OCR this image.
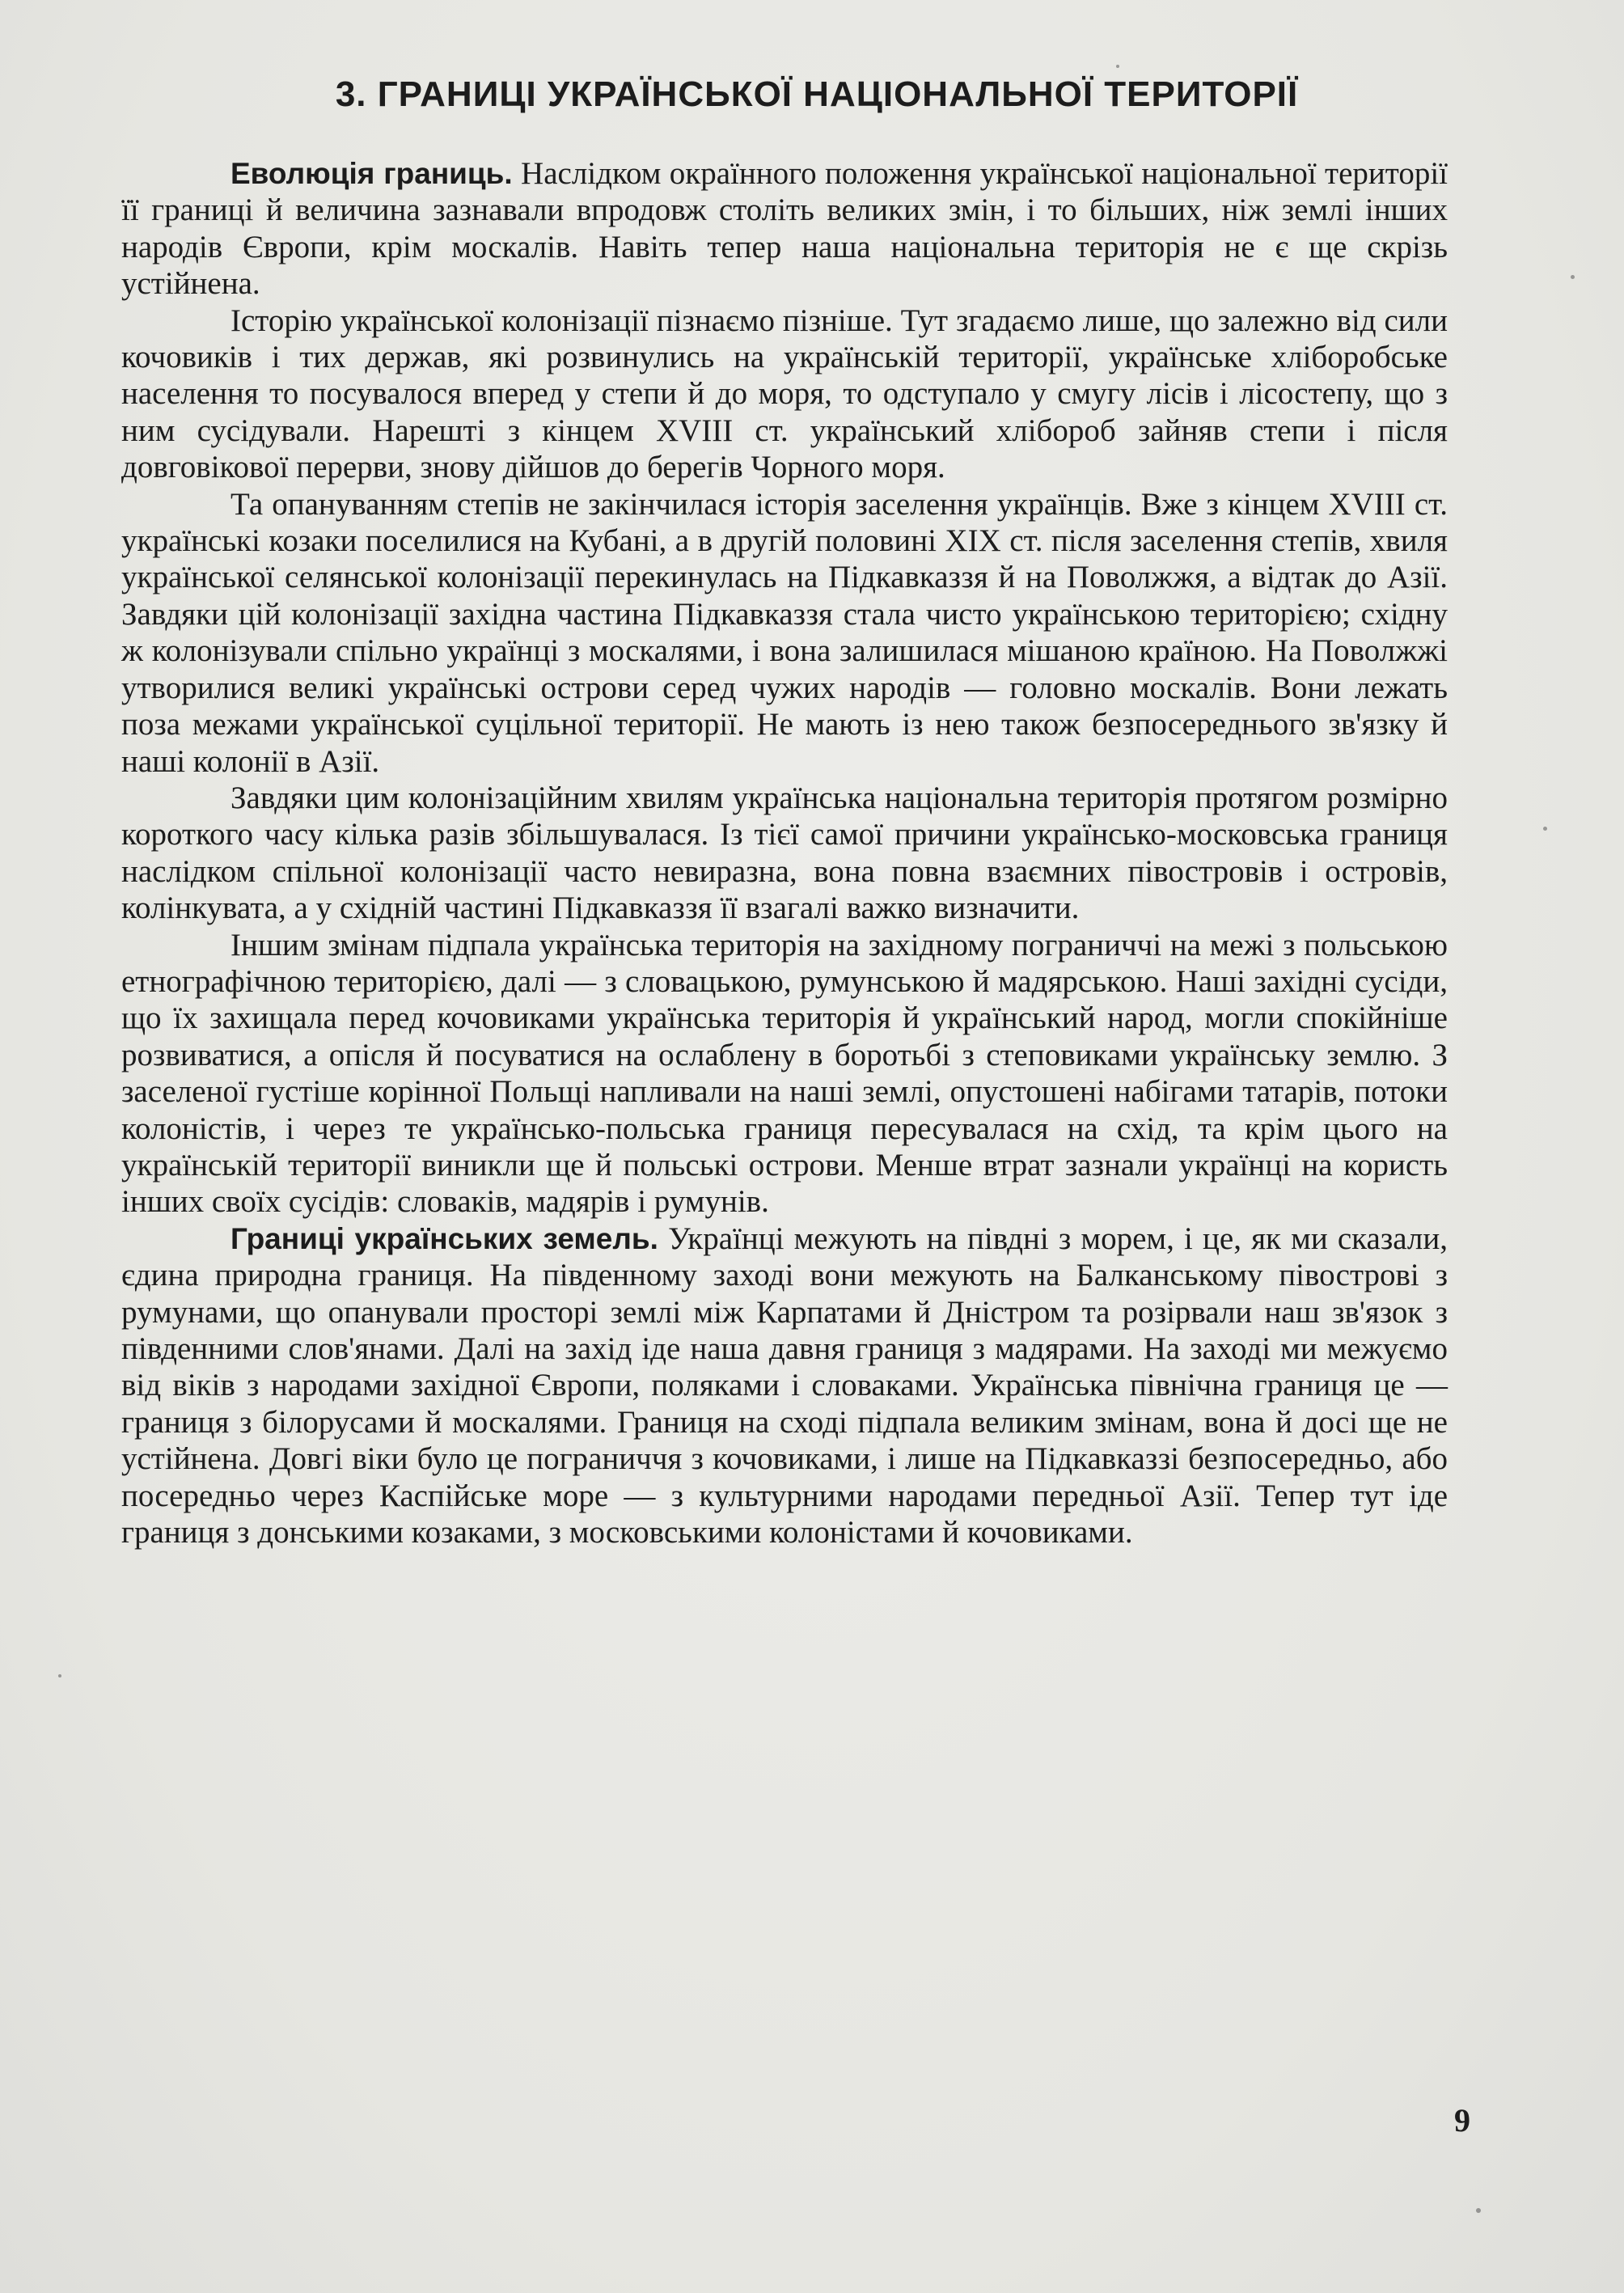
3. ГРАНИЦІ УКРАЇНСЬКОЇ НАЦІОНАЛЬНОЇ ТЕРИТОРІЇ

Еволюція границь. Наслідком окраїнного положення української національної території її границі й величина зазнавали впродовж століть великих змін, і то більших, ніж землі інших народів Європи, крім москалів. Навіть тепер наша національна територія не є ще скрізь устійнена.

Історію української колонізації пізнаємо пізніше. Тут згадаємо лише, що залежно від сили кочовиків і тих держав, які розвинулись на українській території, українське хліборобське населення то посувалося вперед у степи й до моря, то одступало у смугу лісів і лісостепу, що з ним сусідували. Нарешті з кінцем XVIII ст. український хлібороб зайняв степи і після довговікової перерви, знову дійшов до берегів Чорного моря.

Та опануванням степів не закінчилася історія заселення українців. Вже з кінцем XVIII ст. українські козаки поселилися на Кубані, а в другій половині XIX ст. після заселення степів, хвиля української селянської колонізації перекинулась на Підкавказзя й на Поволжжя, а відтак до Азії. Завдяки цій колонізації західна частина Підкавказзя стала чисто українською територією; східну ж колонізували спільно українці з москалями, і вона залишилася мішаною країною. На Поволжжі утворилися великі українські острови серед чужих народів — головно москалів. Вони лежать поза межами української суцільної території. Не мають із нею також безпосереднього зв'язку й наші колонії в Азії.

Завдяки цим колонізаційним хвилям українська національна територія протягом розмірно короткого часу кілька разів збільшувалася. Із тієї самої причини українсько-московська границя наслідком спільної колонізації часто невиразна, вона повна взаємних півостровів і островів, колінкувата, а у східній частині Підкавказзя її взагалі важко визначити.

Іншим змінам підпала українська територія на західному пограниччі на межі з польською етнографічною територією, далі — з словацькою, румунською й мадярською. Наші західні сусіди, що їх захищала перед кочовиками українська територія й український народ, могли спокійніше розвиватися, а опісля й посуватися на ослаблену в боротьбі з степовиками українську землю. З заселеної густіше корінної Польщі напливали на наші землі, опустошені набігами татарів, потоки колоністів, і через те українсько-польська границя пересувалася на схід, та крім цього на українській території виникли ще й польські острови. Менше втрат зазнали українці на користь інших своїх сусідів: словаків, мадярів і румунів.

Границі українських земель. Українці межують на півдні з морем, і це, як ми сказали, єдина природна границя. На південному заході вони межують на Балканському півострові з румунами, що опанували просторі землі між Карпатами й Дністром та розірвали наш зв'язок з південними слов'янами. Далі на захід іде наша давня границя з мадярами. На заході ми межуємо від віків з народами західної Європи, поляками і словаками. Українська північна границя це — границя з білорусами й москалями. Границя на сході підпала великим змінам, вона й досі ще не устійнена. Довгі віки було це пограниччя з кочовиками, і лише на Підкавказзі безпосередньо, або посередньо через Каспійське море — з культурними народами передньої Азії. Тепер тут іде границя з донськими козаками, з московськими колоністами й кочовиками.

9
